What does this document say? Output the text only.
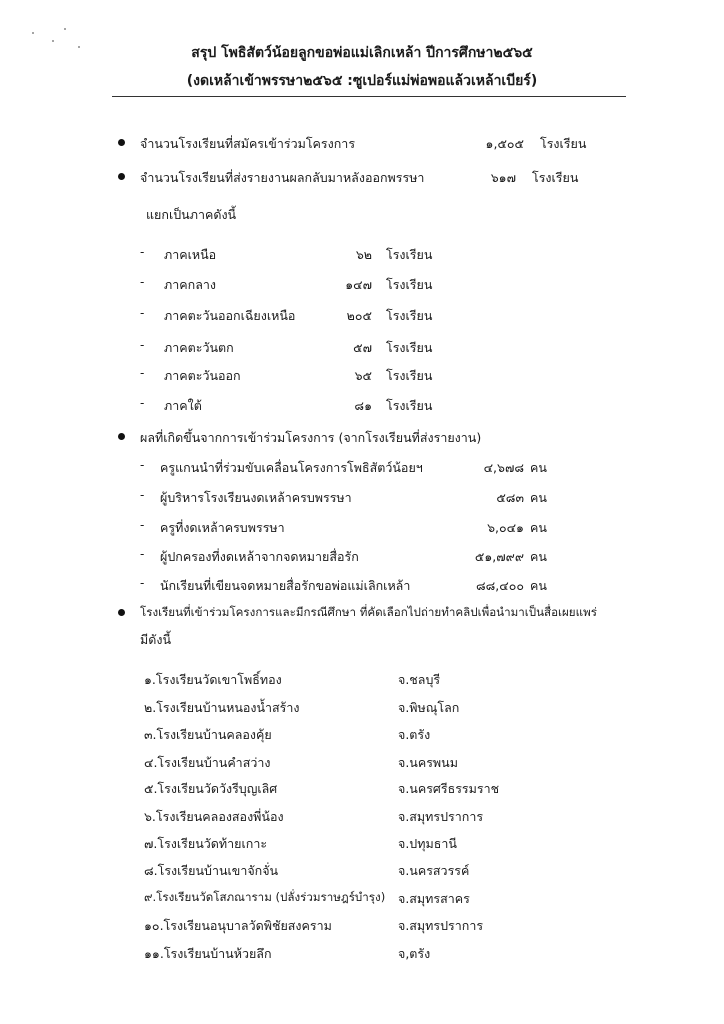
สรุป โพธิสัตว์น้อยลูกขอพ่อแม่เลิกเหล้า ปีการศึกษา๒๕๖๕
(งดเหล้าเข้าพรรษา๒๕๖๕ :ซูเปอร์แม่พ่อพอแล้วเหล้าเบียร์)
จำนวนโรงเรียนที่สมัครเข้าร่วมโครงการ	๑,๕๐๕ โรงเรียน
จำนวนโรงเรียนที่ส่งรายงานผลกลับมาหลังออกพรรษา	๖๑๗ โรงเรียน
แยกเป็นภาคดังนี้
- ภาคเหนือ	๖๒ โรงเรียน
- ภาคกลาง	๑๔๗ โรงเรียน
- ภาคตะวันออกเฉียงเหนือ	๒๐๕ โรงเรียน
- ภาคตะวันตก	๕๗ โรงเรียน
- ภาคตะวันออก	๖๕ โรงเรียน
- ภาคใต้	๘๑ โรงเรียน
ผลที่เกิดขึ้นจากการเข้าร่วมโครงการ (จากโรงเรียนที่ส่งรายงาน)
- ครูแกนนำที่ร่วมขับเคลื่อนโครงการโพธิสัตว์น้อยฯ	๔,๖๗๘ คน
- ผู้บริหารโรงเรียนงดเหล้าครบพรรษา	๕๘๓ คน
- ครูที่งดเหล้าครบพรรษา	๖,๐๔๑ คน
- ผู้ปกครองที่งดเหล้าจากจดหมายสื่อรัก	๕๑,๗๙๙ คน
- นักเรียนที่เขียนจดหมายสื่อรักขอพ่อแม่เลิกเหล้า	๘๘,๔๐๐ คน
โรงเรียนที่เข้าร่วมโครงการและมีกรณีศึกษา ที่คัดเลือกไปถ่ายทำคลิปเพื่อนำมาเป็นสื่อเผยแพร่
มีดังนี้
๑.โรงเรียนวัดเขาโพธิ์ทอง	จ.ชลบุรี
๒.โรงเรียนบ้านหนองน้ำสร้าง	จ.พิษณุโลก
๓.โรงเรียนบ้านคลองคุ้ย	จ.ตรัง
๔.โรงเรียนบ้านคำสว่าง	จ.นครพนม
๕.โรงเรียนวัดวังรีบุญเลิศ	จ.นครศรีธรรมราช
๖.โรงเรียนคลองสองพี่น้อง	จ.สมุทรปราการ
๗.โรงเรียนวัดท้ายเกาะ	จ.ปทุมธานี
๘.โรงเรียนบ้านเขาจักจั่น	จ.นครสวรรค์
๙.โรงเรียนวัดโสภณาราม (ปลั่งร่วมราษฎร์บำรุง) จ.สมุทรสาคร
๑๐.โรงเรียนอนุบาลวัดพิชัยสงคราม	จ.สมุทรปราการ
๑๑.โรงเรียนบ้านห้วยลึก	จ,ตรัง
